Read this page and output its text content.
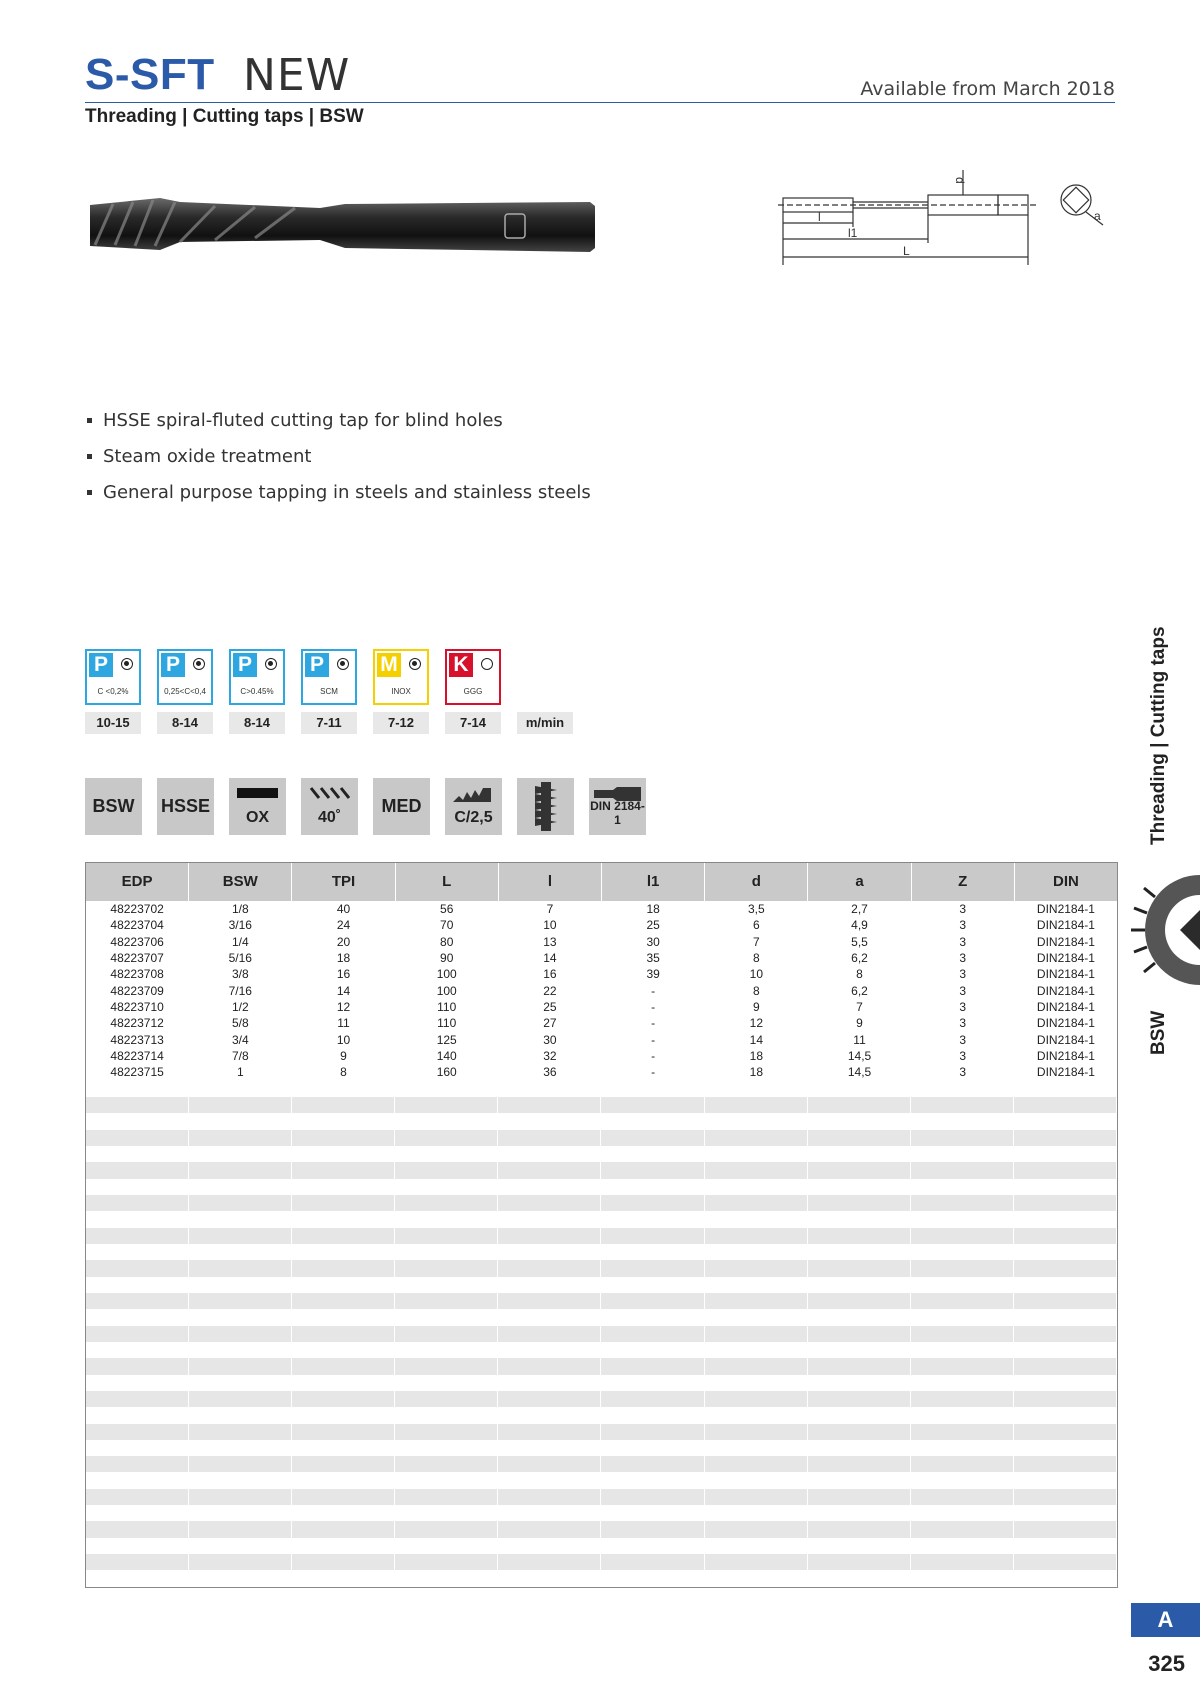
S-SFT NEW	Available from March 2018
Threading | Cutting taps | BSW
d
l
l1
L
a
HSSE spiral-fluted cutting tap for blind holes
Steam oxide treatment
General purpose tapping in steels and stainless steels
m/min
BSW	HSSE
OX	40˚
MED
C/2,5
DIN 2184-1
EDP	BSW	TPI	L	l	l1	d	a	Z	DIN
48223702	1/8	40	56	7	18	3,5	2,7	3	DIN2184-1
48223704	3/16	24	70	10	25	6	4,9	3	DIN2184-1
48223706	1/4	20	80	13	30	7	5,5	3	DIN2184-1
48223707	5/16	18	90	14	35	8	6,2	3	DIN2184-1
48223708	3/8	16	100	16	39	10	8	3	DIN2184-1
48223709	7/16	14	100	22	-	8	6,2	3	DIN2184-1
48223710	1/2	12	110	25	-	9	7	3	DIN2184-1
48223712	5/8	11	110	27	-	12	9	3	DIN2184-1
48223713	3/4	10	125	30	-	14	11	3	DIN2184-1
48223714	7/8	9	140	32	-	18	14,5	3	DIN2184-1
48223715	1	8	160	36	-	18	14,5	3	DIN2184-1
Threading | Cutting taps
BSW
A
325
P
C <0,2%
10-15
P
0,25<C<0,4
8-14
P
C>0.45%
8-14
P
SCM
7-11
M
INOX
7-12
K
GGG
7-14
